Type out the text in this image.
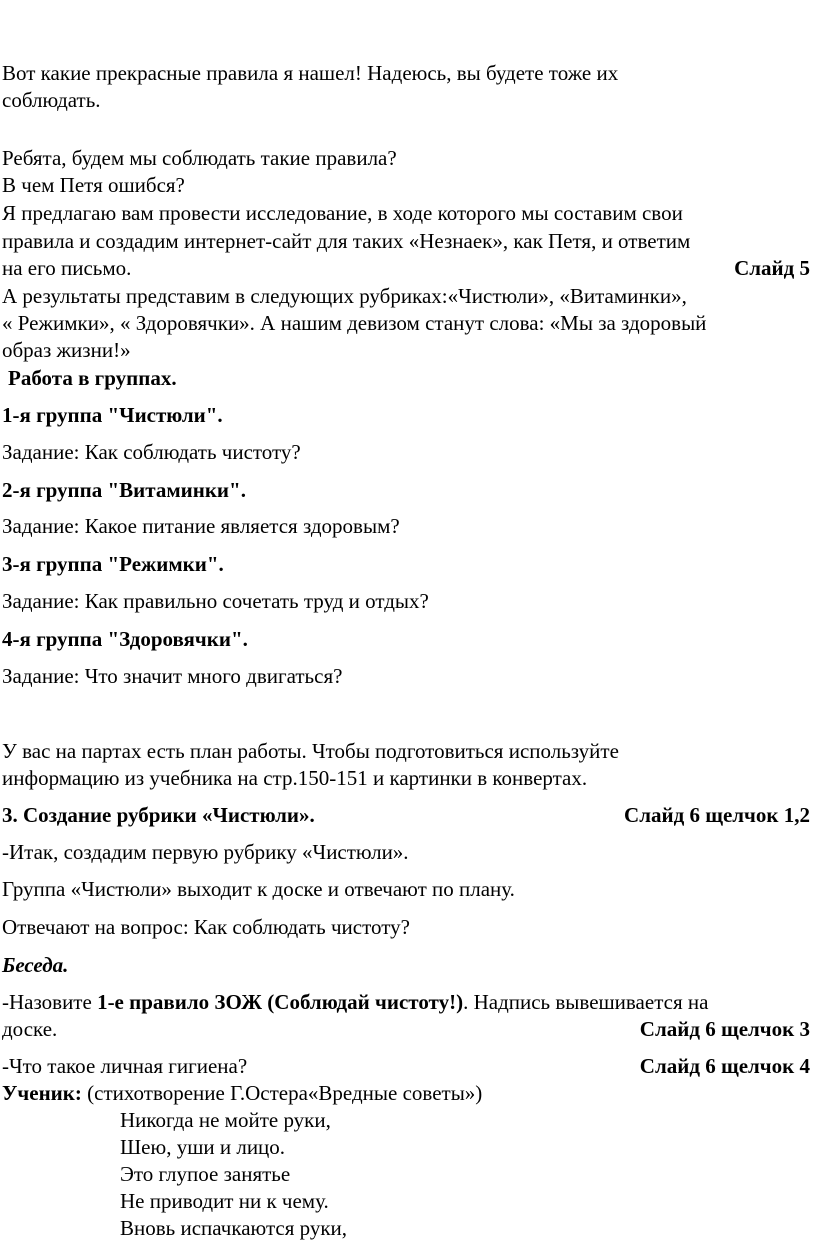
Вот какие прекрасные правила я нашел! Надеюсь, вы будете тоже их
соблюдать.
Ребята, будем мы соблюдать такие правила?
В чем Петя ошибся?
Я предлагаю вам провести исследование, в ходе которого мы составим свои
правила и создадим интернет-сайт для таких «Незнаек», как Петя, и ответим
на его письмо.	Слайд 5
А результаты представим в следующих рубриках:«Чистюли», «Витаминки»,
« Режимки», « Здоровячки». А нашим девизом станут слова: «Мы за здоровый
образ жизни!»
Работа в группах.
1-я группа "Чистюли".
Задание: Как соблюдать чистоту?
2-я группа "Витаминки".
Задание: Какое питание является здоровым?
3-я группа "Режимки".
Задание: Как правильно сочетать труд и отдых?
4-я группа "Здоровячки".
Задание: Что значит много двигаться?
У вас на партах есть план работы. Чтобы подготовиться используйте
информацию из учебника на стр.150-151 и картинки в конвертах.
3. Создание рубрики «Чистюли».	Слайд 6 щелчок 1,2
-Итак, создадим первую рубрику «Чистюли».
Группа «Чистюли» выходит к доске и отвечают по плану.
Отвечают на вопрос: Как соблюдать чистоту?
Беседа.
-Назовите 1-е правило ЗОЖ (Соблюдай чистоту!). Надпись вывешивается на
доске.	Слайд 6 щелчок 3
-Что такое личная гигиена?	Слайд 6 щелчок 4
Ученик: (стихотворение Г.Остера«Вредные советы»)
Никогда не мойте руки,
Шею, уши и лицо.
Это глупое занятье
Не приводит ни к чему.
Вновь испачкаются руки,
